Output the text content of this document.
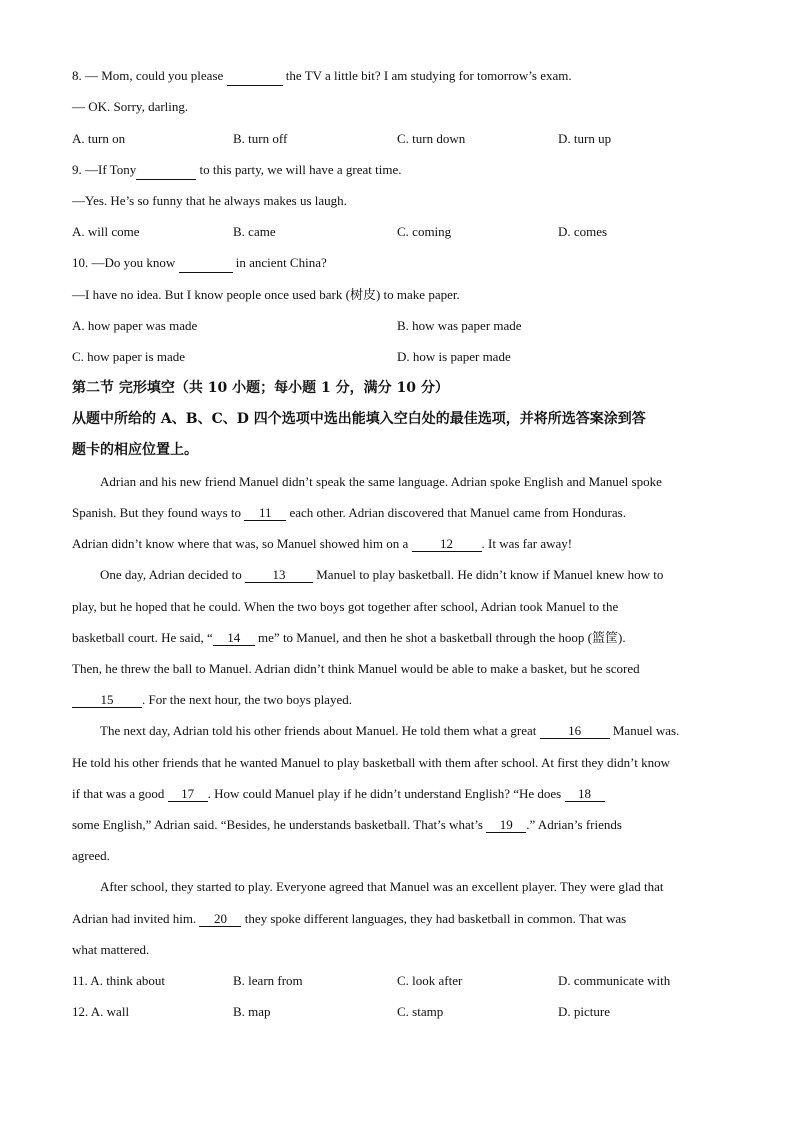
8. — Mom, could you please	the TV a little bit? I am studying for tomorrow’s exam.
— OK. Sorry, darling.
A. turn on	B. turn off	C. turn down	D. turn up
9. —If Tony	to this party, we will have a great time.
—Yes. He’s so funny that he always makes us laugh.
A. will come	B. came	C. coming	D. comes
10. —Do you know	in ancient China?
—I have no idea. But I know people once used bark (树皮) to make paper.
A. how paper was made	B. how was paper made
C. how paper is made	D. how is paper made
第二节 完形填空（共 10 小题；每小题 1 分，满分 10 分）
从题中所给的 A、B、C、D 四个选项中选出能填入空白处的最佳选项，并将所选答案涂到答
题卡的相应位置上。
Adrian and his new friend Manuel didn’t speak the same language. Adrian spoke English and Manuel spoke
Spanish. But they found ways to 11 each other. Adrian discovered that Manuel came from Honduras.
Adrian didn’t know where that was, so Manuel showed him on a 12 . It was far away!
One day, Adrian decided to 13 Manuel to play basketball. He didn’t know if Manuel knew how to
play, but he hoped that he could. When the two boys got together after school, Adrian took Manuel to the
basketball court. He said, “ 14 me” to Manuel, and then he shot a basketball through the hoop (篮筐).
Then, he threw the ball to Manuel. Adrian didn’t think Manuel would be able to make a basket, but he scored
15 . For the next hour, the two boys played.
The next day, Adrian told his other friends about Manuel. He told them what a great 16 Manuel was.
He told his other friends that he wanted Manuel to play basketball with them after school. At first they didn’t know
if that was a good 17 . How could Manuel play if he didn’t understand English? “He does 18
some English,” Adrian said. “Besides, he understands basketball. That’s what’s 19 .” Adrian’s friends
agreed.
After school, they started to play. Everyone agreed that Manuel was an excellent player. They were glad that
Adrian had invited him. 20 they spoke different languages, they had basketball in common. That was
what mattered.
11. A. think about	B. learn from	C. look after	D. communicate with
12. A. wall	B. map	C. stamp	D. picture
